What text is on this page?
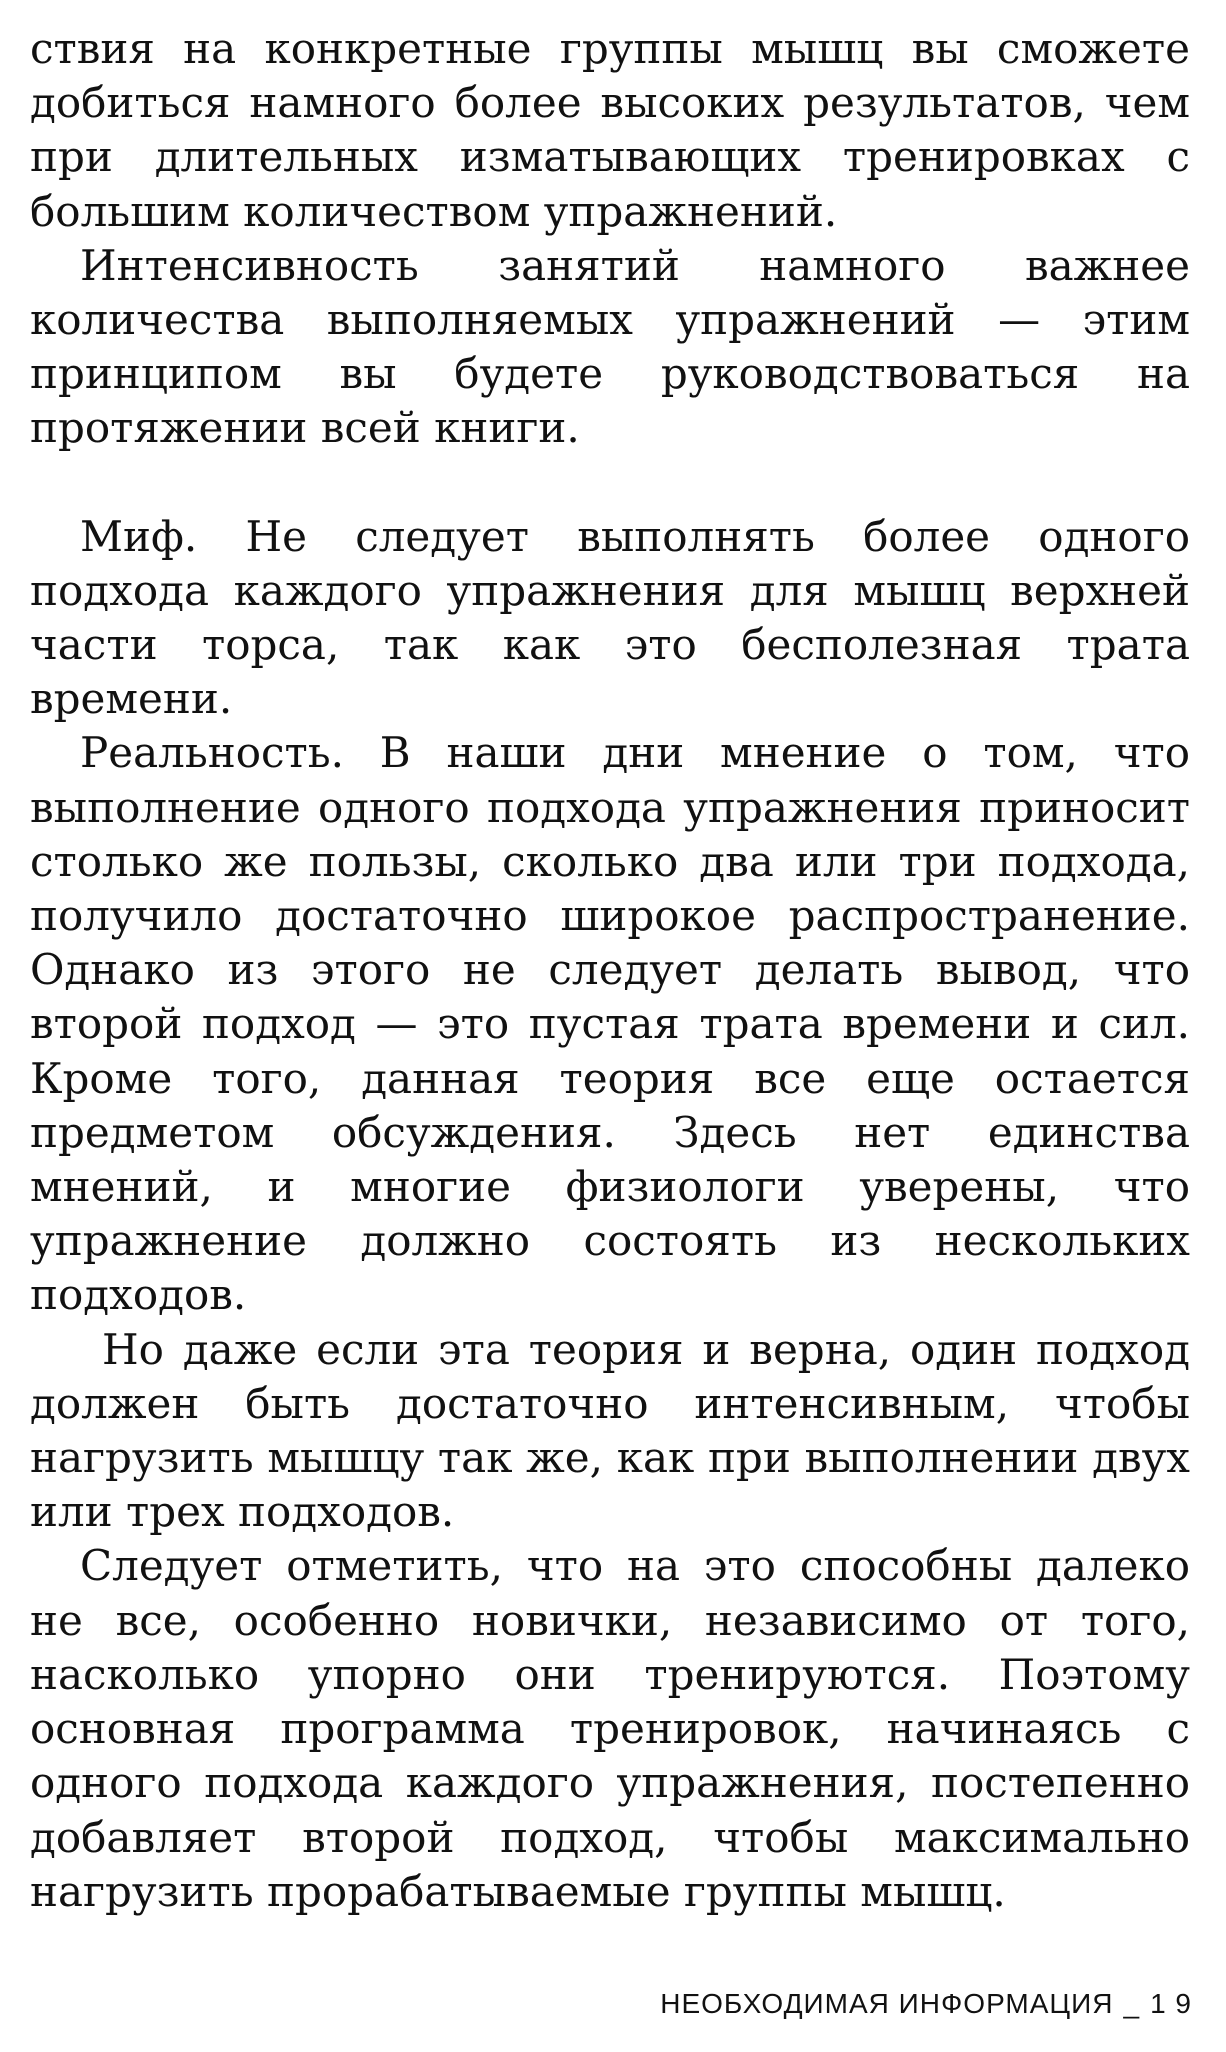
ствия на конкретные группы мышц вы сможете добиться намного более высоких результатов, чем при длительных изматывающих тренировках с большим количеством упражнений.

Интенсивность занятий намного важнее количества выполняемых упражнений — этим принципом вы будете руководствоваться на протяжении всей книги.

Миф. Не следует выполнять более одного подхода каждого упражнения для мышц верхней части торса, так как это бесполезная трата времени.

Реальность. В наши дни мнение о том, что выполнение одного подхода упражнения приносит столько же пользы, сколько два или три подхода, получило достаточно широкое распространение. Однако из этого не следует делать вывод, что второй подход — это пустая трата времени и сил. Кроме того, данная теория все еще остается предметом обсуждения. Здесь нет единства мнений, и многие физиологи уверены, что упражнение должно состоять из нескольких подходов.

Но даже если эта теория и верна, один подход должен быть достаточно интенсивным, чтобы нагрузить мышцу так же, как при выполнении двух или трех подходов.

Следует отметить, что на это способны далеко не все, особенно новички, независимо от того, насколько упорно они тренируются. Поэтому основная программа тренировок, начинаясь с одного подхода каждого упражнения, постепенно добавляет второй подход, чтобы максимально нагрузить прорабатываемые группы мышц.

НЕОБХОДИМАЯ ИНФОРМАЦИЯ _ 1 9
